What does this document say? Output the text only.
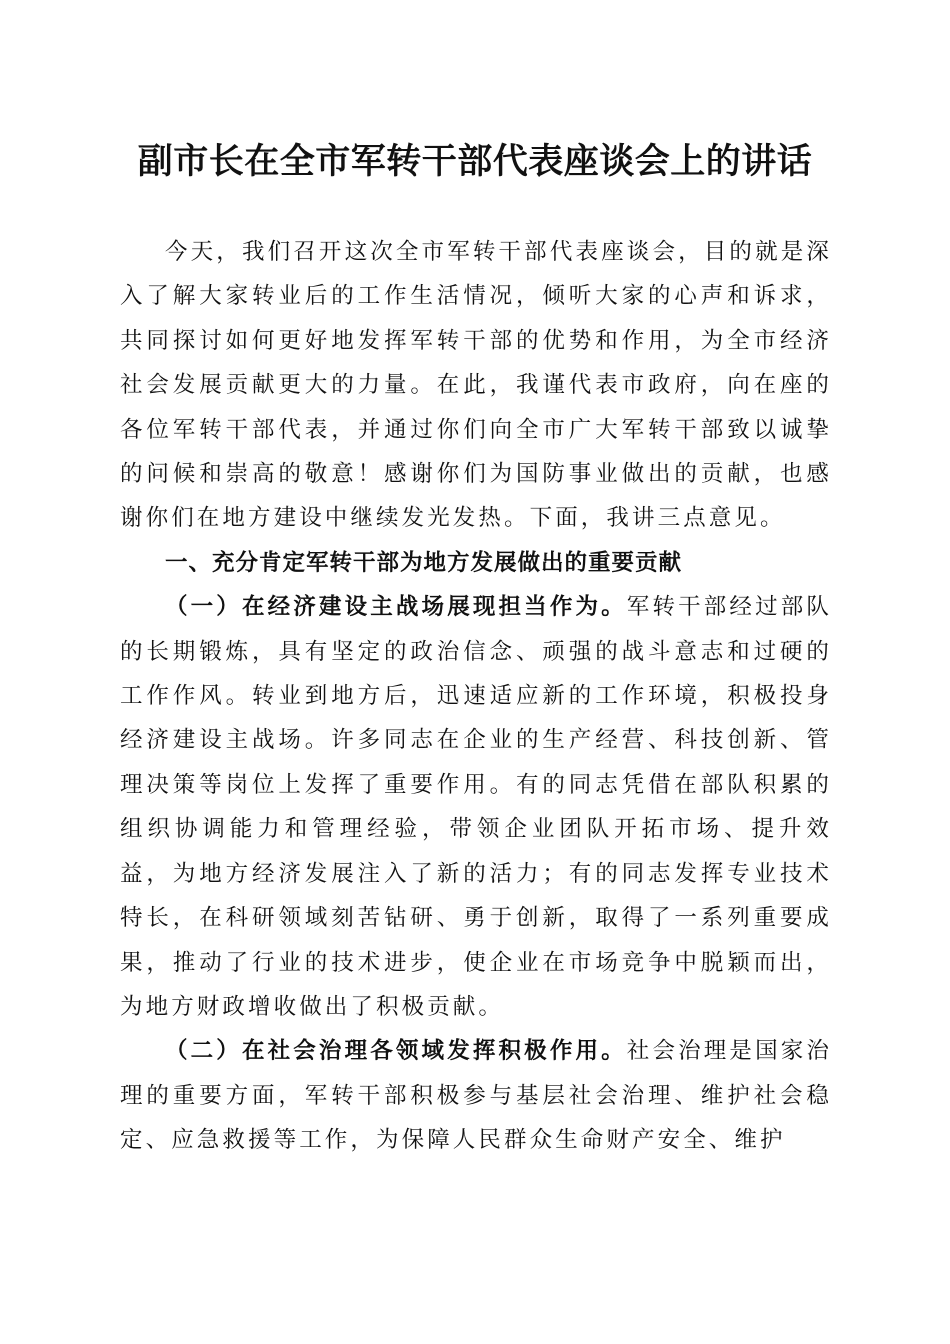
副市长在全市军转干部代表座谈会上的讲话

今天，我们召开这次全市军转干部代表座谈会，目的就是深入了解大家转业后的工作生活情况，倾听大家的心声和诉求，共同探讨如何更好地发挥军转干部的优势和作用，为全市经济社会发展贡献更大的力量。在此，我谨代表市政府，向在座的各位军转干部代表，并通过你们向全市广大军转干部致以诚挚的问候和崇高的敬意！感谢你们为国防事业做出的贡献，也感谢你们在地方建设中继续发光发热。下面，我讲三点意见。

一、充分肯定军转干部为地方发展做出的重要贡献

（一）在经济建设主战场展现担当作为。军转干部经过部队的长期锻炼，具有坚定的政治信念、顽强的战斗意志和过硬的工作作风。转业到地方后，迅速适应新的工作环境，积极投身经济建设主战场。许多同志在企业的生产经营、科技创新、管理决策等岗位上发挥了重要作用。有的同志凭借在部队积累的组织协调能力和管理经验，带领企业团队开拓市场、提升效益，为地方经济发展注入了新的活力；有的同志发挥专业技术特长，在科研领域刻苦钻研、勇于创新，取得了一系列重要成果，推动了行业的技术进步，使企业在市场竞争中脱颖而出，为地方财政增收做出了积极贡献。

（二）在社会治理各领域发挥积极作用。社会治理是国家治理的重要方面，军转干部积极参与基层社会治理、维护社会稳定、应急救援等工作，为保障人民群众生命财产安全、维护
